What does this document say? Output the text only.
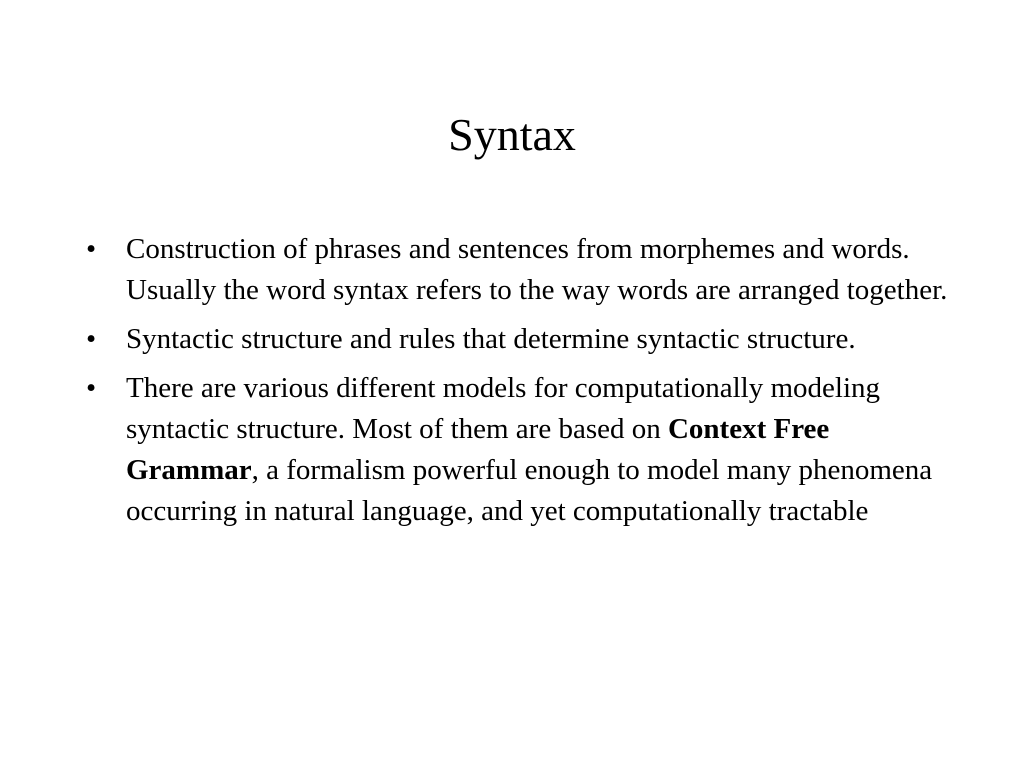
Syntax
•	Construction of phrases and sentences from morphemes and words. Usually the word syntax refers to the way words are arranged together.
•	Syntactic structure and rules that determine syntactic structure.
•	There are various different models for computationally modeling syntactic structure. Most of them are based on Context Free Grammar, a formalism powerful enough to model many phenomena occurring in natural language, and yet computationally tractable
